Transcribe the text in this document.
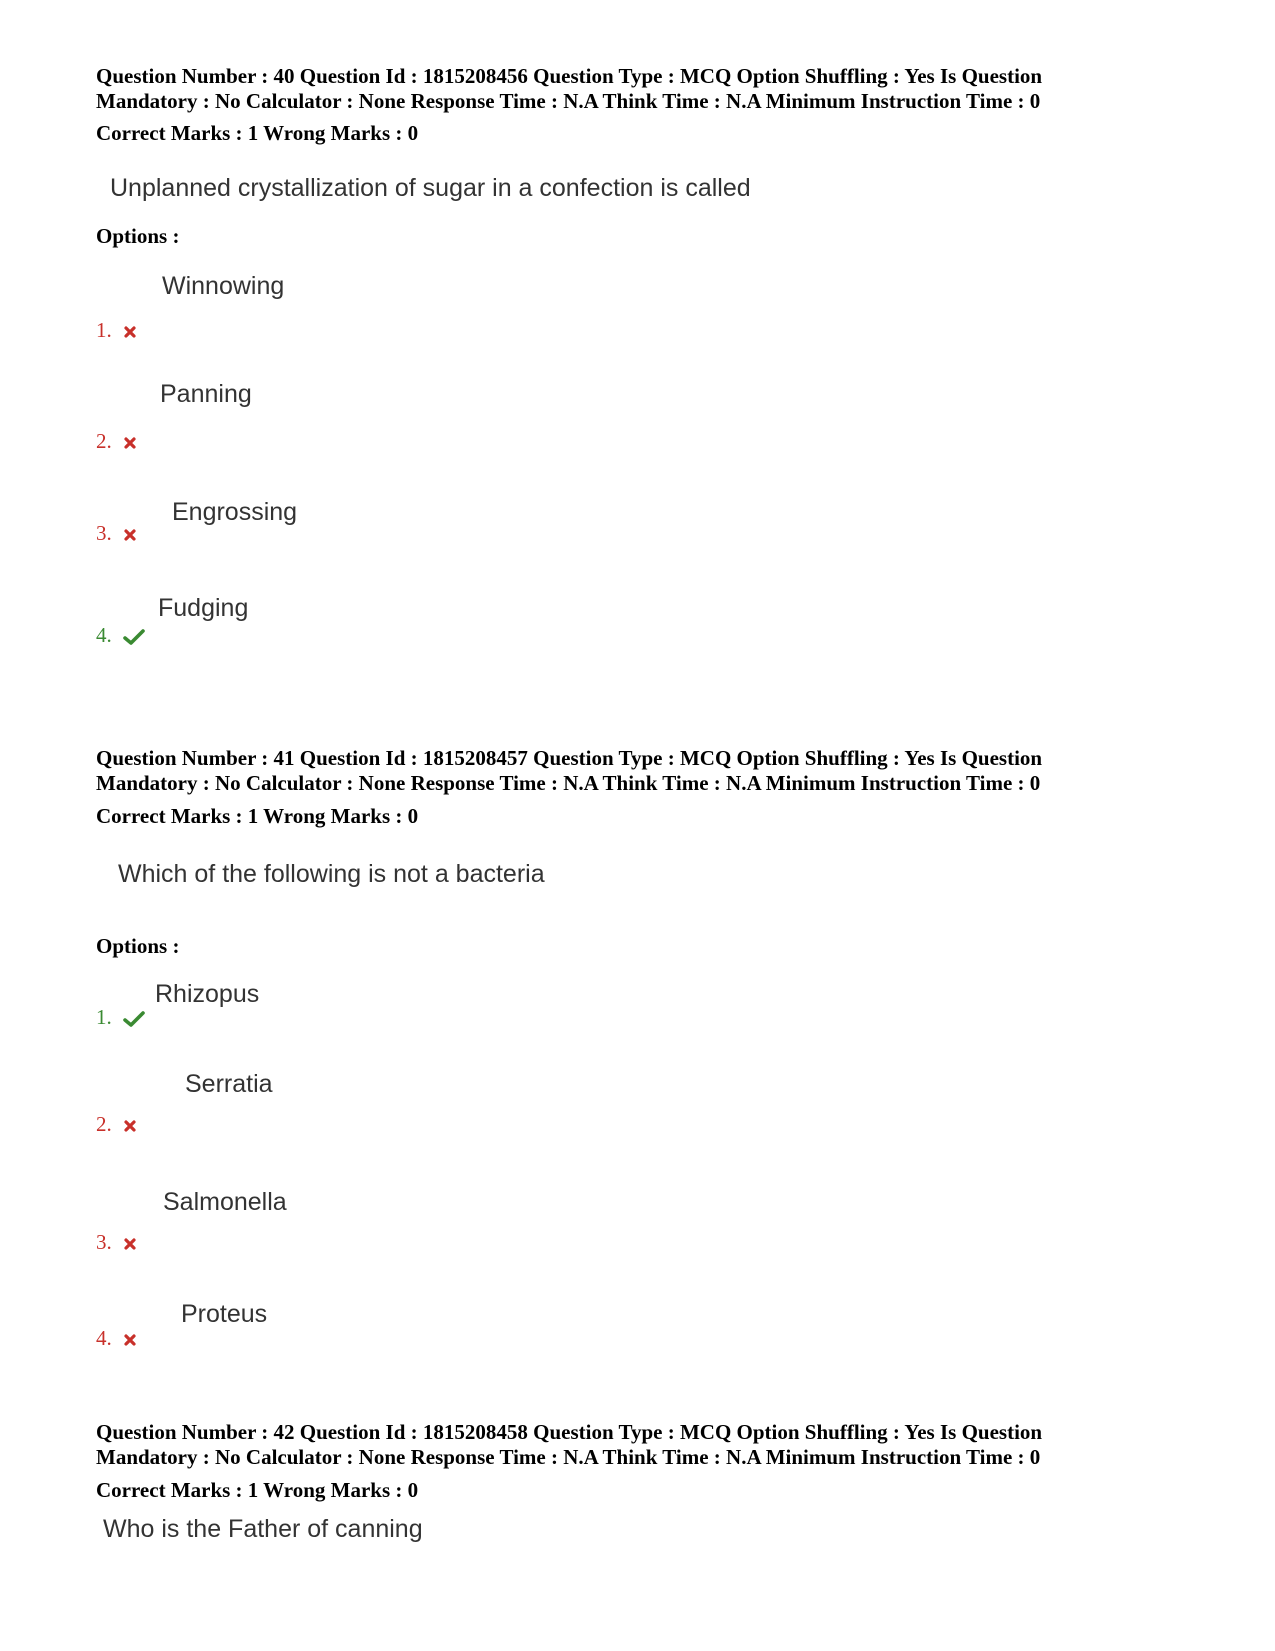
Question Number : 40 Question Id : 1815208456 Question Type : MCQ Option Shuffling : Yes Is Question
Mandatory : No Calculator : None Response Time : N.A Think Time : N.A Minimum Instruction Time : 0
Correct Marks : 1 Wrong Marks : 0
Unplanned crystallization of sugar in a confection is called
Options :
Winnowing
1.
Panning
2.
Engrossing
3.
Fudging
4.
Question Number : 41 Question Id : 1815208457 Question Type : MCQ Option Shuffling : Yes Is Question
Mandatory : No Calculator : None Response Time : N.A Think Time : N.A Minimum Instruction Time : 0
Correct Marks : 1 Wrong Marks : 0
Which of the following is not a bacteria
Options :
Rhizopus
1.
Serratia
2.
Salmonella
3.
Proteus
4.
Question Number : 42 Question Id : 1815208458 Question Type : MCQ Option Shuffling : Yes Is Question
Mandatory : No Calculator : None Response Time : N.A Think Time : N.A Minimum Instruction Time : 0
Correct Marks : 1 Wrong Marks : 0
Who is the Father of canning
